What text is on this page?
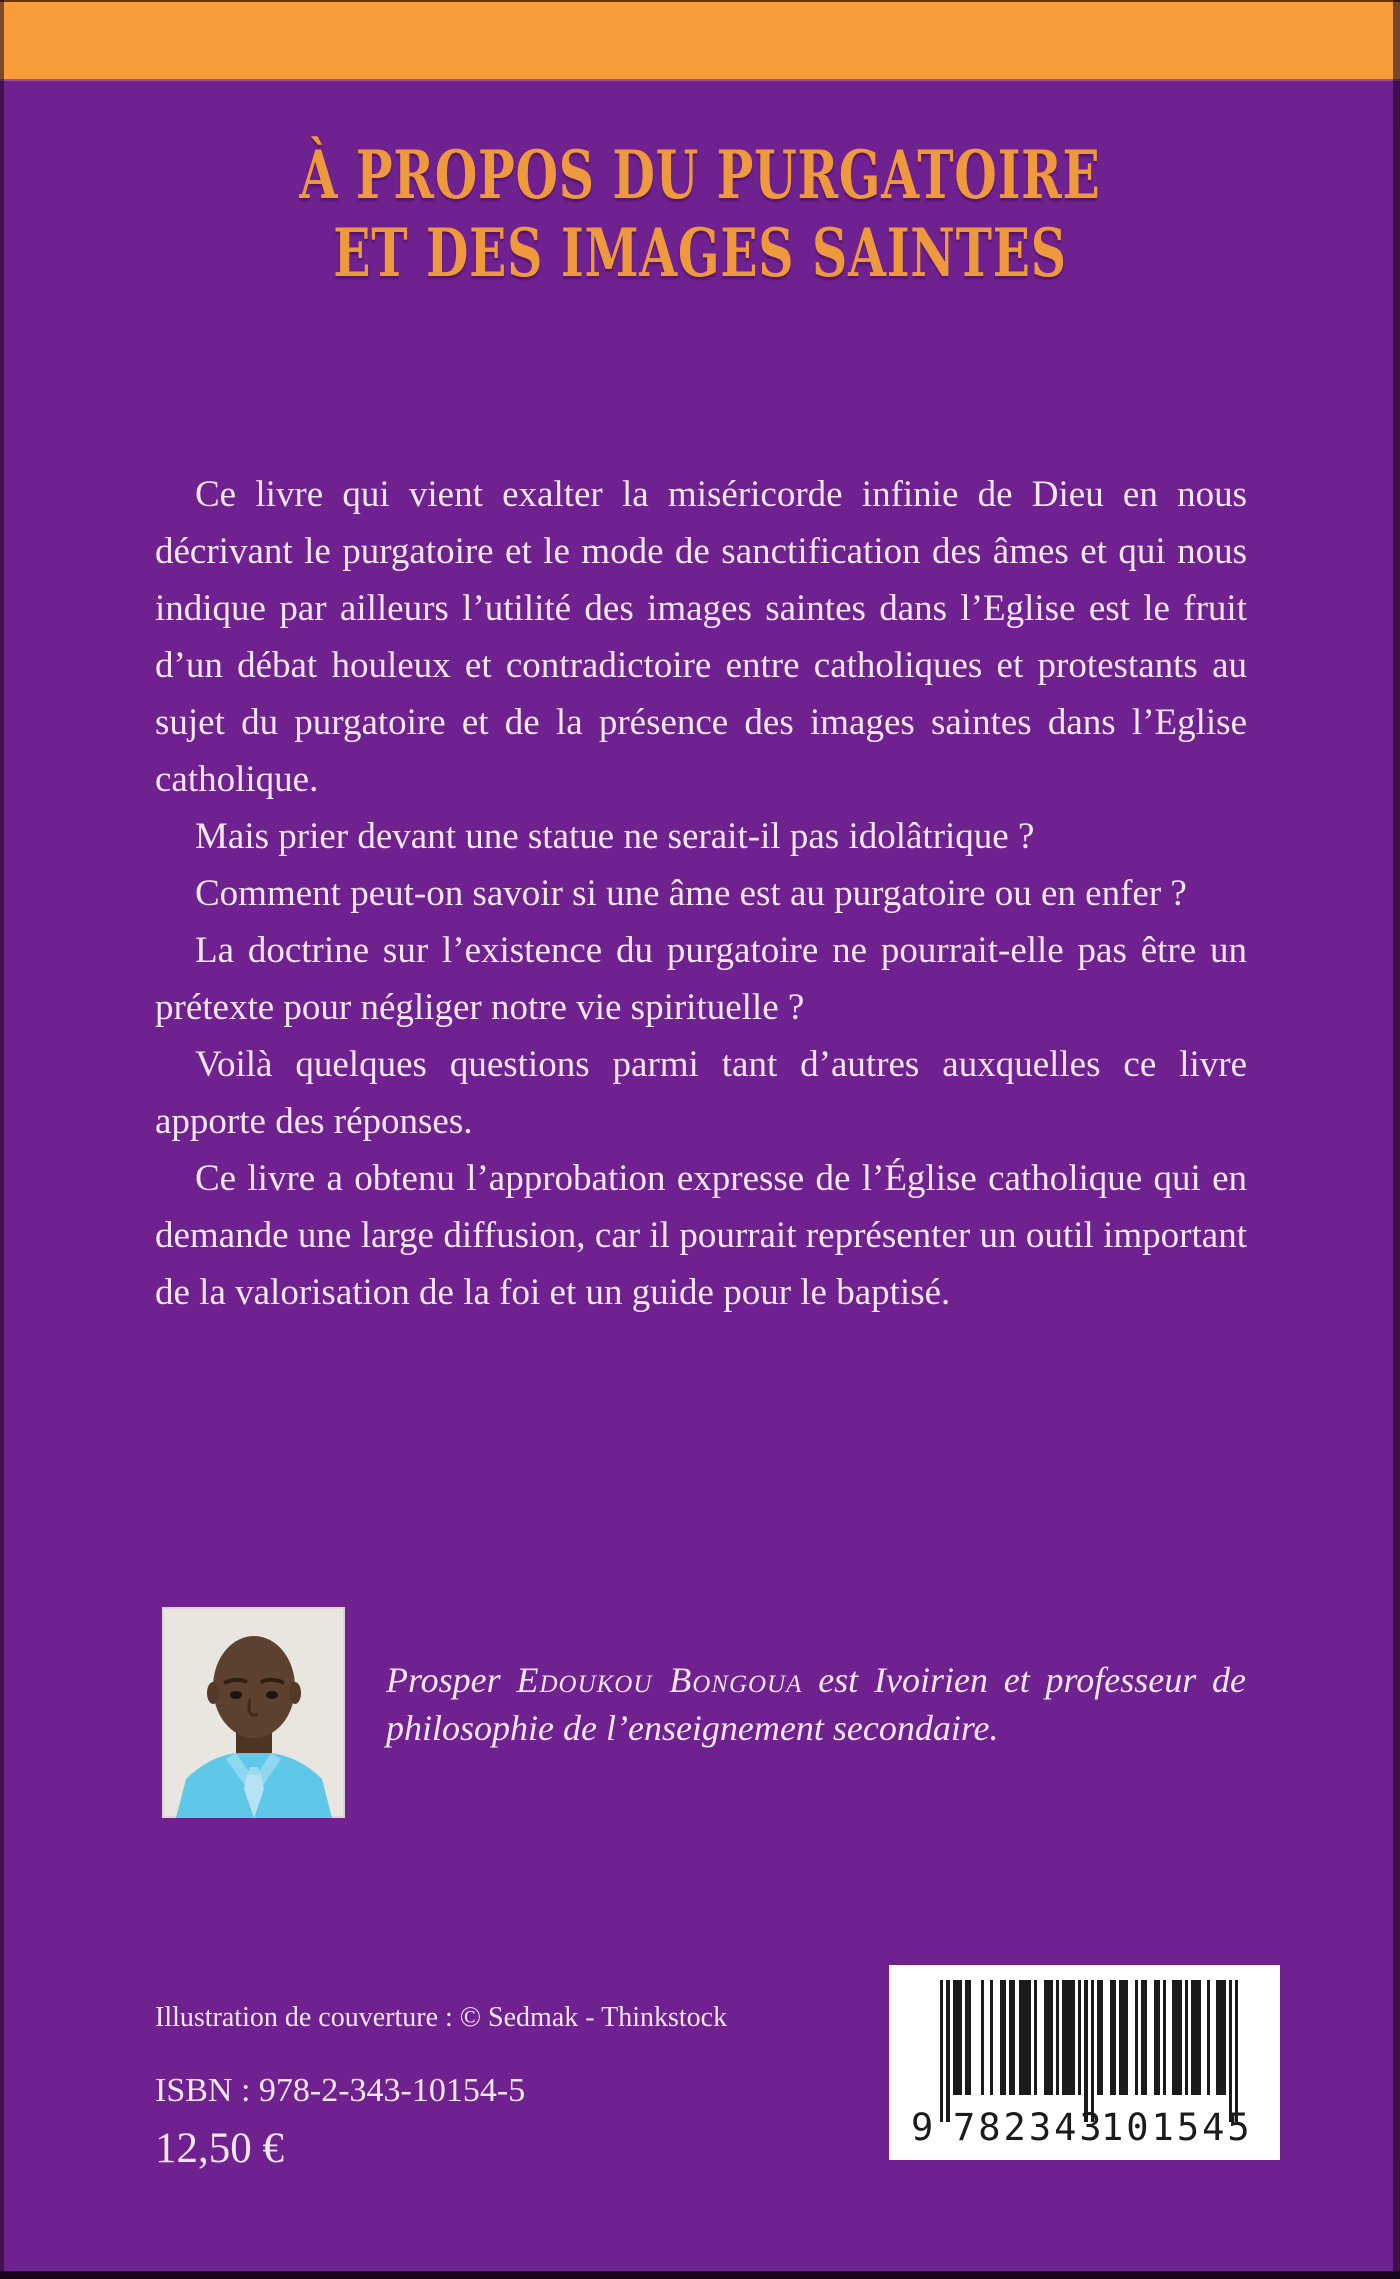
À PROPOS DU PURGATOIRE
ET DES IMAGES SAINTES

Ce livre qui vient exalter la miséricorde infinie de Dieu en nous décrivant le purgatoire et le mode de sanctification des âmes et qui nous indique par ailleurs l’utilité des images saintes dans l’Eglise est le fruit d’un débat houleux et contradictoire entre catholiques et protestants au sujet du purgatoire et de la présence des images saintes dans l’Eglise catholique.

Mais prier devant une statue ne serait-il pas idolâtrique ?

Comment peut-on savoir si une âme est au purgatoire ou en enfer ?

La doctrine sur l’existence du purgatoire ne pourrait-elle pas être un prétexte pour négliger notre vie spirituelle ?

Voilà quelques questions parmi tant d’autres auxquelles ce livre apporte des réponses.

Ce livre a obtenu l’approbation expresse de l’Église catholique qui en demande une large diffusion, car il pourrait représenter un outil important de la valorisation de la foi et un guide pour le baptisé.

Prosper Edoukou Bongoua est Ivoirien et professeur de philosophie de l’enseignement secondaire.
Illustration de couverture : © Sedmak - Thinkstock
ISBN : 978-2-343-10154-5
12,50 €	9 782343
101545
